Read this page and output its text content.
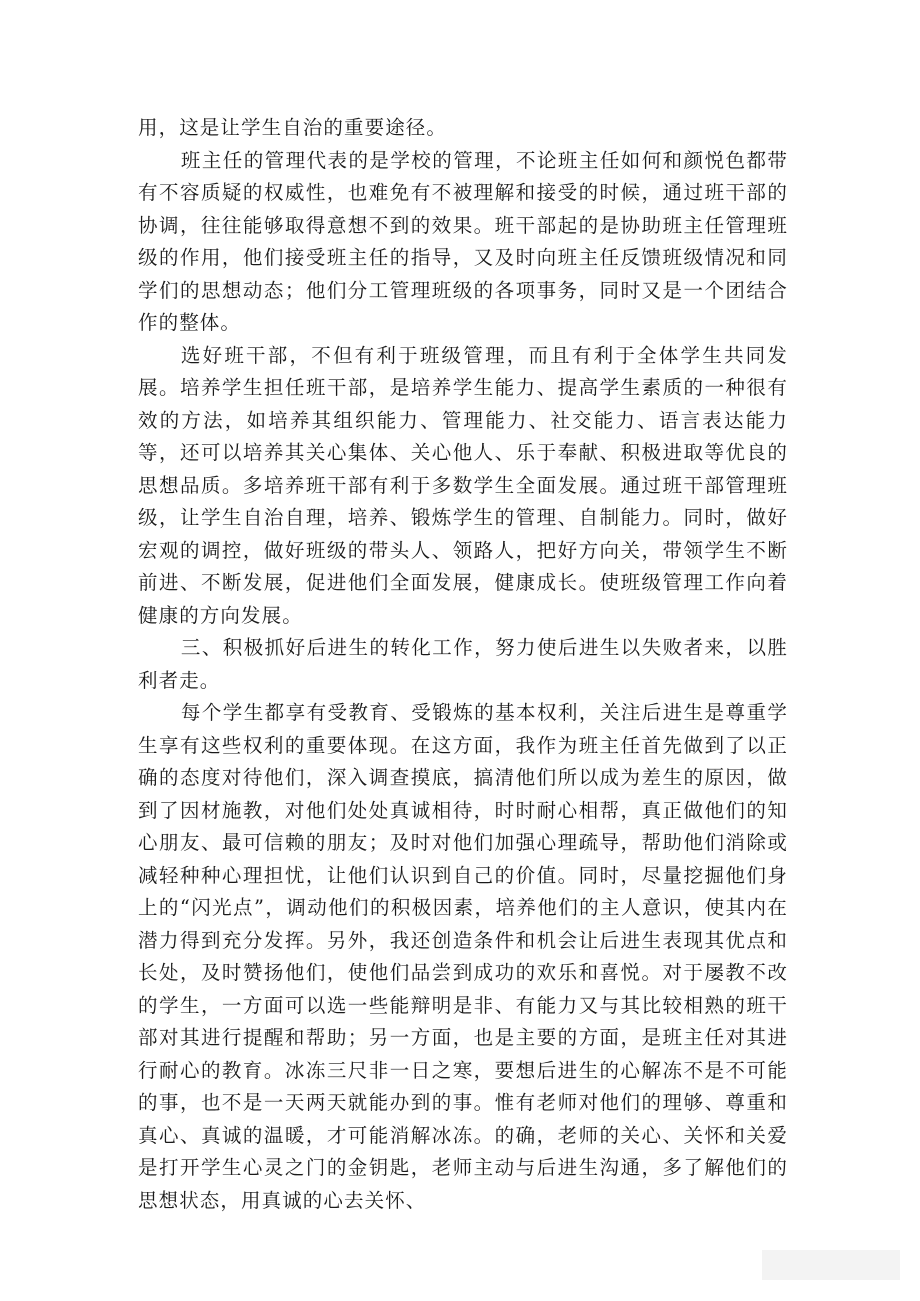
用，这是让学生自治的重要途径。

班主任的管理代表的是学校的管理，不论班主任如何和颜悦色都带有不容质疑的权威性，也难免有不被理解和接受的时候，通过班干部的协调，往往能够取得意想不到的效果。班干部起的是协助班主任管理班级的作用，他们接受班主任的指导，又及时向班主任反馈班级情况和同学们的思想动态；他们分工管理班级的各项事务，同时又是一个团结合作的整体。

选好班干部，不但有利于班级管理，而且有利于全体学生共同发展。培养学生担任班干部，是培养学生能力、提高学生素质的一种很有效的方法，如培养其组织能力、管理能力、社交能力、语言表达能力等，还可以培养其关心集体、关心他人、乐于奉献、积极进取等优良的思想品质。多培养班干部有利于多数学生全面发展。通过班干部管理班级，让学生自治自理，培养、锻炼学生的管理、自制能力。同时，做好宏观的调控，做好班级的带头人、领路人，把好方向关，带领学生不断前进、不断发展，促进他们全面发展，健康成长。使班级管理工作向着健康的方向发展。

三、积极抓好后进生的转化工作，努力使后进生以失败者来，以胜利者走。

每个学生都享有受教育、受锻炼的基本权利，关注后进生是尊重学生享有这些权利的重要体现。在这方面，我作为班主任首先做到了以正确的态度对待他们，深入调查摸底，搞清他们所以成为差生的原因，做到了因材施教，对他们处处真诚相待，时时耐心相帮，真正做他们的知心朋友、最可信赖的朋友；及时对他们加强心理疏导，帮助他们消除或减轻种种心理担忧，让他们认识到自己的价值。同时，尽量挖掘他们身上的“闪光点”，调动他们的积极因素，培养他们的主人意识，使其内在潜力得到充分发挥。另外，我还创造条件和机会让后进生表现其优点和长处，及时赞扬他们，使他们品尝到成功的欢乐和喜悦。对于屡教不改的学生，一方面可以选一些能辩明是非、有能力又与其比较相熟的班干部对其进行提醒和帮助；另一方面，也是主要的方面，是班主任对其进行耐心的教育。冰冻三尺非一日之寒，要想后进生的心解冻不是不可能的事，也不是一天两天就能办到的事。惟有老师对他们的理够、尊重和真心、真诚的温暖，才可能消解冰冻。的确，老师的关心、关怀和关爱是打开学生心灵之门的金钥匙，老师主动与后进生沟通，多了解他们的思想状态，用真诚的心去关怀、
